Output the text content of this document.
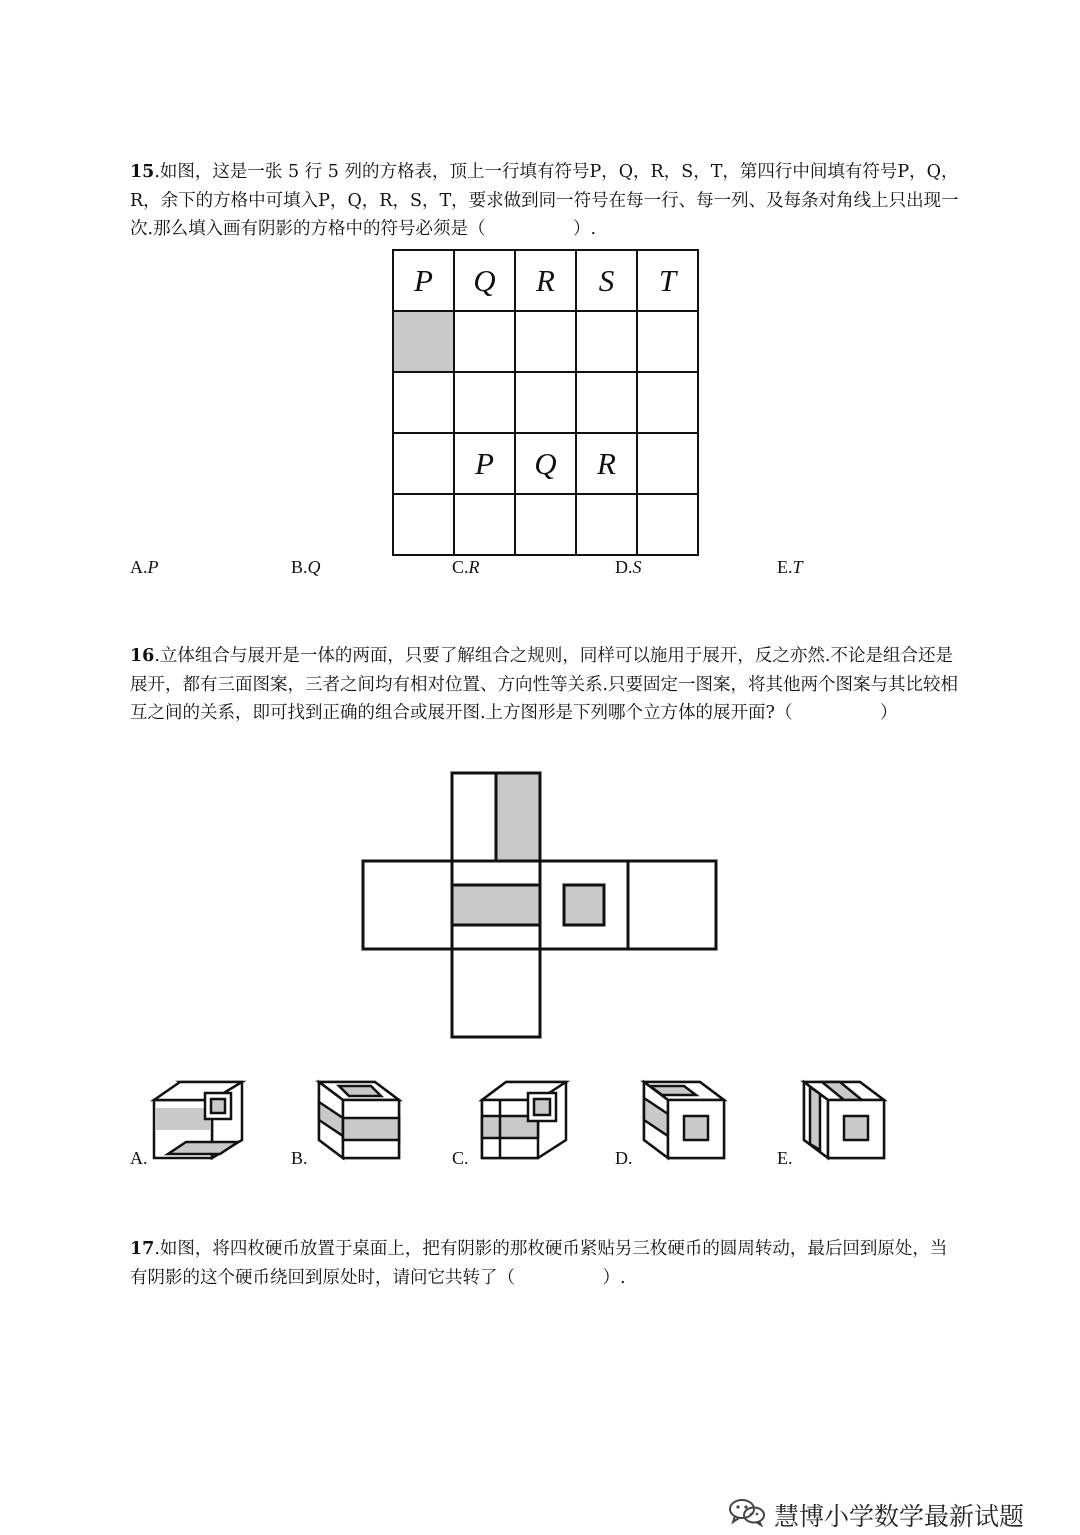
15.如图，这是一张 5 行 5 列的方格表，顶上一行填有符号P，Q，R，S，T，第四行中间填有符号P，Q，R，余下的方格中可填入P，Q，R，S，T，要求做到同一符号在每一行、每一列、及每条对角线上只出现一次.那么填入画有阴影的方格中的符号必须是（　　　　　）.

P	Q	R	S	T

	P	Q	R	

A.P	B.Q	C.R	D.S	E.T

16.立体组合与展开是一体的两面，只要了解组合之规则，同样可以施用于展开，反之亦然.不论是组合还是展开，都有三面图案，三者之间均有相对位置、方向性等关系.只要固定一图案，将其他两个图案与其比较相互之间的关系，即可找到正确的组合或展开图.上方图形是下列哪个立方体的展开面?（　　　　　）

A.	B.	C.	D.	E.

17.如图，将四枚硬币放置于桌面上，把有阴影的那枚硬币紧贴另三枚硬币的圆周转动，最后回到原处，当有阴影的这个硬币绕回到原处时，请问它共转了（　　　　　）.

慧博小学数学最新试题
